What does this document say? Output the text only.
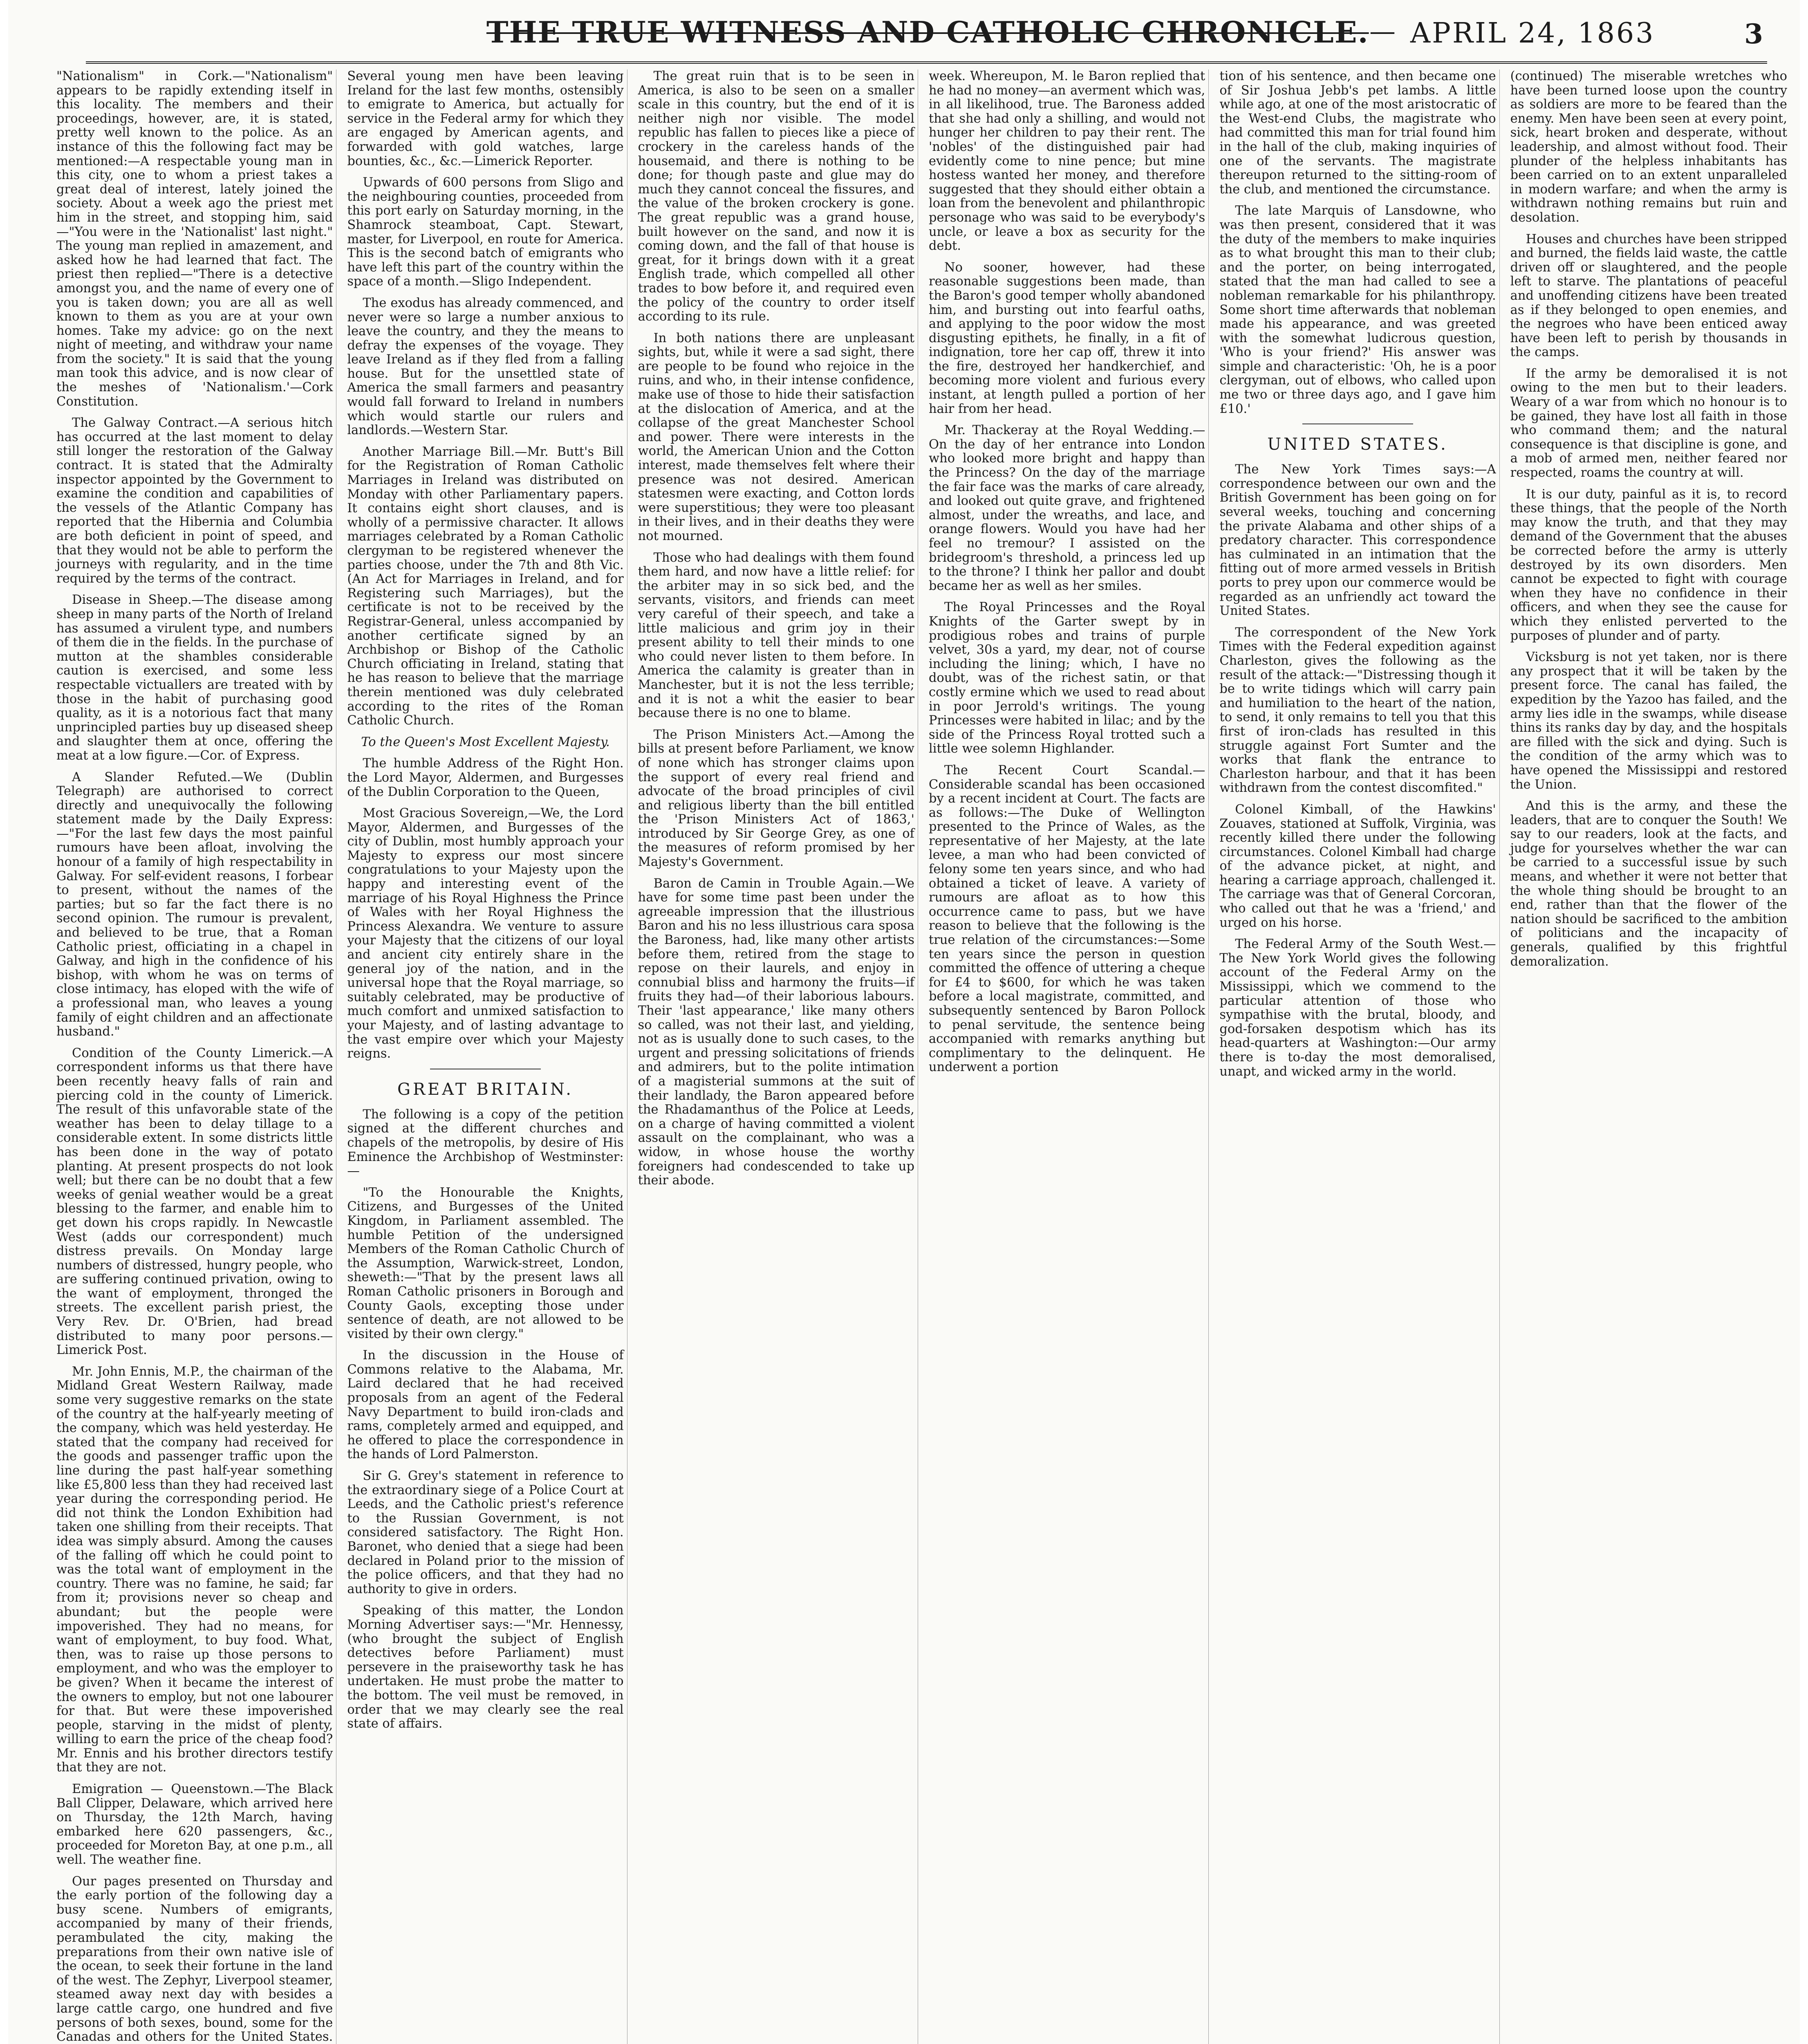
THE TRUE WITNESS AND CATHOLIC CHRONICLE. — APRIL 24, 1863	3

"Nationalism" in Cork.—"Nationalism" appears to be rapidly extending itself in this locality. The members and their proceedings, however, are, it is stated, pretty well known to the police. As an instance of this the following fact may be mentioned:—A respectable young man in this city, one to whom a priest takes a great deal of interest, lately joined the society. About a week ago the priest met him in the street, and stopping him, said—"You were in the 'Nationalist' last night." The young man replied in amazement, and asked how he had learned that fact. The priest then replied—"There is a detective amongst you, and the name of every one of you is taken down; you are all as well known to them as you are at your own homes. Take my advice: go on the next night of meeting, and withdraw your name from the society." It is said that the young man took this advice, and is now clear of the meshes of 'Nationalism.'—Cork Constitution.

The Galway Contract.—A serious hitch has occurred at the last moment to delay still longer the restoration of the Galway contract. It is stated that the Admiralty inspector appointed by the Government to examine the condition and capabilities of the vessels of the Atlantic Company has reported that the Hibernia and Columbia are both deficient in point of speed, and that they would not be able to perform the journeys with regularity, and in the time required by the terms of the contract.

Disease in Sheep.—The disease among sheep in many parts of the North of Ireland has assumed a virulent type, and numbers of them die in the fields. In the purchase of mutton at the shambles considerable caution is exercised, and some less respectable victuallers are treated with by those in the habit of purchasing good quality, as it is a notorious fact that many unprincipled parties buy up diseased sheep and slaughter them at once, offering the meat at a low figure.—Cor. of Express.

A Slander Refuted.—We (Dublin Telegraph) are authorised to correct directly and unequivocally the following statement made by the Daily Express:—"For the last few days the most painful rumours have been afloat, involving the honour of a family of high respectability in Galway. For self-evident reasons, I forbear to present, without the names of the parties; but so far the fact there is no second opinion. The rumour is prevalent, and believed to be true, that a Roman Catholic priest, officiating in a chapel in Galway, and high in the confidence of his bishop, with whom he was on terms of close intimacy, has eloped with the wife of a professional man, who leaves a young family of eight children and an affectionate husband."

Condition of the County Limerick.—A correspondent informs us that there have been recently heavy falls of rain and piercing cold in the county of Limerick. The result of this unfavorable state of the weather has been to delay tillage to a considerable extent. In some districts little has been done in the way of potato planting. At present prospects do not look well; but there can be no doubt that a few weeks of genial weather would be a great blessing to the farmer, and enable him to get down his crops rapidly. In Newcastle West (adds our correspondent) much distress prevails. On Monday large numbers of distressed, hungry people, who are suffering continued privation, owing to the want of employment, thronged the streets. The excellent parish priest, the Very Rev. Dr. O'Brien, had bread distributed to many poor persons.—Limerick Post.

Mr. John Ennis, M.P., the chairman of the Midland Great Western Railway, made some very suggestive remarks on the state of the country at the half-yearly meeting of the company, which was held yesterday. He stated that the company had received for the goods and passenger traffic upon the line during the past half-year something like £5,800 less than they had received last year during the corresponding period. He did not think the London Exhibition had taken one shilling from their receipts. That idea was simply absurd. Among the causes of the falling off which he could point to was the total want of employment in the country. There was no famine, he said; far from it; provisions never so cheap and abundant; but the people were impoverished. They had no means, for want of employment, to buy food. What, then, was to raise up those persons to employment, and who was the employer to be given? When it became the interest of the owners to employ, but not one labourer for that. But were these impoverished people, starving in the midst of plenty, willing to earn the price of the cheap food? Mr. Ennis and his brother directors testify that they are not.

Emigration — Queenstown.—The Black Ball Clipper, Delaware, which arrived here on Thursday, the 12th March, having embarked here 620 passengers, &c., proceeded for Moreton Bay, at one p.m., all well. The weather fine.

Our pages presented on Thursday and the early portion of the following day a busy scene. Numbers of emigrants, accompanied by many of their friends, perambulated the city, making the preparations from their own native isle of the ocean, to seek their fortune in the land of the west. The Zephyr, Liverpool steamer, steamed away next day with besides a large cattle cargo, one hundred and five persons of both sexes, bound, some for the Canadas and others for the United States.

Several young men have been leaving Ireland for the last few months, ostensibly to emigrate to America, but actually for service in the Federal army for which they are engaged by American agents, and forwarded with gold watches, large bounties, &c., &c.—Limerick Reporter.

Upwards of 600 persons from Sligo and the neighbouring counties, proceeded from this port early on Saturday morning, in the Shamrock steamboat, Capt. Stewart, master, for Liverpool, en route for America. This is the second batch of emigrants who have left this part of the country within the space of a month.—Sligo Independent.

The exodus has already commenced, and never were so large a number anxious to leave the country, and they the means to defray the expenses of the voyage. They leave Ireland as if they fled from a falling house. But for the unsettled state of America the small farmers and peasantry would fall forward to Ireland in numbers which would startle our rulers and landlords.—Western Star.

Another Marriage Bill.—Mr. Butt's Bill for the Registration of Roman Catholic Marriages in Ireland was distributed on Monday with other Parliamentary papers. It contains eight short clauses, and is wholly of a permissive character. It allows marriages celebrated by a Roman Catholic clergyman to be registered whenever the parties choose, under the 7th and 8th Vic. (An Act for Marriages in Ireland, and for Registering such Marriages), but the certificate is not to be received by the Registrar-General, unless accompanied by another certificate signed by an Archbishop or Bishop of the Catholic Church officiating in Ireland, stating that he has reason to believe that the marriage therein mentioned was duly celebrated according to the rites of the Roman Catholic Church.

To the Queen's Most Excellent Majesty.

The humble Address of the Right Hon. the Lord Mayor, Aldermen, and Burgesses of the Dublin Corporation to the Queen,

Most Gracious Sovereign,—We, the Lord Mayor, Aldermen, and Burgesses of the city of Dublin, most humbly approach your Majesty to express our most sincere congratulations to your Majesty upon the happy and interesting event of the marriage of his Royal Highness the Prince of Wales with her Royal Highness the Princess Alexandra. We venture to assure your Majesty that the citizens of our loyal and ancient city entirely share in the general joy of the nation, and in the universal hope that the Royal marriage, so suitably celebrated, may be productive of much comfort and unmixed satisfaction to your Majesty, and of lasting advantage to the vast empire over which your Majesty reigns.

GREAT BRITAIN.

The following is a copy of the petition signed at the different churches and chapels of the metropolis, by desire of His Eminence the Archbishop of Westminster:—

"To the Honourable the Knights, Citizens, and Burgesses of the United Kingdom, in Parliament assembled. The humble Petition of the undersigned Members of the Roman Catholic Church of the Assumption, Warwick-street, London, sheweth:—"That by the present laws all Roman Catholic prisoners in Borough and County Gaols, excepting those under sentence of death, are not allowed to be visited by their own clergy."

In the discussion in the House of Commons relative to the Alabama, Mr. Laird declared that he had received proposals from an agent of the Federal Navy Department to build iron-clads and rams, completely armed and equipped, and he offered to place the correspondence in the hands of Lord Palmerston.

Sir G. Grey's statement in reference to the extraordinary siege of a Police Court at Leeds, and the Catholic priest's reference to the Russian Government, is not considered satisfactory. The Right Hon. Baronet, who denied that a siege had been declared in Poland prior to the mission of the police officers, and that they had no authority to give in orders.

Speaking of this matter, the London Morning Advertiser says:—"Mr. Hennessy, (who brought the subject of English detectives before Parliament) must persevere in the praiseworthy task he has undertaken. He must probe the matter to the bottom. The veil must be removed, in order that we may clearly see the real state of affairs.

The great ruin that is to be seen in America, is also to be seen on a smaller scale in this country, but the end of it is neither nigh nor visible. The model republic has fallen to pieces like a piece of crockery in the careless hands of the housemaid, and there is nothing to be done; for though paste and glue may do much they cannot conceal the fissures, and the value of the broken crockery is gone. The great republic was a grand house, built however on the sand, and now it is coming down, and the fall of that house is great, for it brings down with it a great English trade, which compelled all other trades to bow before it, and required even the policy of the country to order itself according to its rule.

In both nations there are unpleasant sights, but, while it were a sad sight, there are people to be found who rejoice in the ruins, and who, in their intense confidence, make use of those to hide their satisfaction at the dislocation of America, and at the collapse of the great Manchester School and power. There were interests in the world, the American Union and the Cotton interest, made themselves felt where their presence was not desired. American statesmen were exacting, and Cotton lords were superstitious; they were too pleasant in their lives, and in their deaths they were not mourned.

Those who had dealings with them found them hard, and now have a little relief: for the arbiter may in so sick bed, and the servants, visitors, and friends can meet very careful of their speech, and take a little malicious and grim joy in their present ability to tell their minds to one who could never listen to them before. In America the calamity is greater than in Manchester, but it is not the less terrible; and it is not a whit the easier to bear because there is no one to blame.

The Prison Ministers Act.—Among the bills at present before Parliament, we know of none which has stronger claims upon the support of every real friend and advocate of the broad principles of civil and religious liberty than the bill entitled the 'Prison Ministers Act of 1863,' introduced by Sir George Grey, as one of the measures of reform promised by her Majesty's Government.

Baron de Camin in Trouble Again.—We have for some time past been under the agreeable impression that the illustrious Baron and his no less illustrious cara sposa the Baroness, had, like many other artists before them, retired from the stage to repose on their laurels, and enjoy in connubial bliss and harmony the fruits—if fruits they had—of their laborious labours. Their 'last appearance,' like many others so called, was not their last, and yielding, not as is usually done to such cases, to the urgent and pressing solicitations of friends and admirers, but to the polite intimation of a magisterial summons at the suit of their landlady, the Baron appeared before the Rhadamanthus of the Police at Leeds, on a charge of having committed a violent assault on the complainant, who was a widow, in whose house the worthy foreigners had condescended to take up their abode.

week. Whereupon, M. le Baron replied that he had no money—an averment which was, in all likelihood, true. The Baroness added that she had only a shilling, and would not hunger her children to pay their rent. The 'nobles' of the distinguished pair had evidently come to nine pence; but mine hostess wanted her money, and therefore suggested that they should either obtain a loan from the benevolent and philanthropic personage who was said to be everybody's uncle, or leave a box as security for the debt.

No sooner, however, had these reasonable suggestions been made, than the Baron's good temper wholly abandoned him, and bursting out into fearful oaths, and applying to the poor widow the most disgusting epithets, he finally, in a fit of indignation, tore her cap off, threw it into the fire, destroyed her handkerchief, and becoming more violent and furious every instant, at length pulled a portion of her hair from her head.

Mr. Thackeray at the Royal Wedding.—On the day of her entrance into London who looked more bright and happy than the Princess? On the day of the marriage the fair face was the marks of care already, and looked out quite grave, and frightened almost, under the wreaths, and lace, and orange flowers. Would you have had her feel no tremour? I assisted on the bridegroom's threshold, a princess led up to the throne? I think her pallor and doubt became her as well as her smiles.

The Royal Princesses and the Royal Knights of the Garter swept by in prodigious robes and trains of purple velvet, 30s a yard, my dear, not of course including the lining; which, I have no doubt, was of the richest satin, or that costly ermine which we used to read about in poor Jerrold's writings. The young Princesses were habited in lilac; and by the side of the Princess Royal trotted such a little wee solemn Highlander.

The Recent Court Scandal.—Considerable scandal has been occasioned by a recent incident at Court. The facts are as follows:—The Duke of Wellington presented to the Prince of Wales, as the representative of her Majesty, at the late levee, a man who had been convicted of felony some ten years since, and who had obtained a ticket of leave. A variety of rumours are afloat as to how this occurrence came to pass, but we have reason to believe that the following is the true relation of the circumstances:—Some ten years since the person in question committed the offence of uttering a cheque for £4 to $600, for which he was taken before a local magistrate, committed, and subsequently sentenced by Baron Pollock to penal servitude, the sentence being accompanied with remarks anything but complimentary to the delinquent. He underwent a portion

tion of his sentence, and then became one of Sir Joshua Jebb's pet lambs. A little while ago, at one of the most aristocratic of the West-end Clubs, the magistrate who had committed this man for trial found him in the hall of the club, making inquiries of one of the servants. The magistrate thereupon returned to the sitting-room of the club, and mentioned the circumstance.

The late Marquis of Lansdowne, who was then present, considered that it was the duty of the members to make inquiries as to what brought this man to their club; and the porter, on being interrogated, stated that the man had called to see a nobleman remarkable for his philanthropy. Some short time afterwards that nobleman made his appearance, and was greeted with the somewhat ludicrous question, 'Who is your friend?' His answer was simple and characteristic: 'Oh, he is a poor clergyman, out of elbows, who called upon me two or three days ago, and I gave him £10.'

UNITED STATES.

The New York Times says:—A correspondence between our own and the British Government has been going on for several weeks, touching and concerning the private Alabama and other ships of a predatory character. This correspondence has culminated in an intimation that the fitting out of more armed vessels in British ports to prey upon our commerce would be regarded as an unfriendly act toward the United States.

The correspondent of the New York Times with the Federal expedition against Charleston, gives the following as the result of the attack:—"Distressing though it be to write tidings which will carry pain and humiliation to the heart of the nation, to send, it only remains to tell you that this first of iron-clads has resulted in this struggle against Fort Sumter and the works that flank the entrance to Charleston harbour, and that it has been withdrawn from the contest discomfited."

Colonel Kimball, of the Hawkins' Zouaves, stationed at Suffolk, Virginia, was recently killed there under the following circumstances. Colonel Kimball had charge of the advance picket, at night, and hearing a carriage approach, challenged it. The carriage was that of General Corcoran, who called out that he was a 'friend,' and urged on his horse.

The Federal Army of the South West.—The New York World gives the following account of the Federal Army on the Mississippi, which we commend to the particular attention of those who sympathise with the brutal, bloody, and god-forsaken despotism which has its head-quarters at Washington:—Our army there is to-day the most demoralised, unapt, and wicked army in the world.

(continued) The miserable wretches who have been turned loose upon the country as soldiers are more to be feared than the enemy. Men have been seen at every point, sick, heart broken and desperate, without leadership, and almost without food. Their plunder of the helpless inhabitants has been carried on to an extent unparalleled in modern warfare; and when the army is withdrawn nothing remains but ruin and desolation.

Houses and churches have been stripped and burned, the fields laid waste, the cattle driven off or slaughtered, and the people left to starve. The plantations of peaceful and unoffending citizens have been treated as if they belonged to open enemies, and the negroes who have been enticed away have been left to perish by thousands in the camps.

If the army be demoralised it is not owing to the men but to their leaders. Weary of a war from which no honour is to be gained, they have lost all faith in those who command them; and the natural consequence is that discipline is gone, and a mob of armed men, neither feared nor respected, roams the country at will.

It is our duty, painful as it is, to record these things, that the people of the North may know the truth, and that they may demand of the Government that the abuses be corrected before the army is utterly destroyed by its own disorders. Men cannot be expected to fight with courage when they have no confidence in their officers, and when they see the cause for which they enlisted perverted to the purposes of plunder and of party.

Vicksburg is not yet taken, nor is there any prospect that it will be taken by the present force. The canal has failed, the expedition by the Yazoo has failed, and the army lies idle in the swamps, while disease thins its ranks day by day, and the hospitals are filled with the sick and dying. Such is the condition of the army which was to have opened the Mississippi and restored the Union.

And this is the army, and these the leaders, that are to conquer the South! We say to our readers, look at the facts, and judge for yourselves whether the war can be carried to a successful issue by such means, and whether it were not better that the whole thing should be brought to an end, rather than that the flower of the nation should be sacrificed to the ambition of politicians and the incapacity of generals, qualified by this frightful demoralization.
